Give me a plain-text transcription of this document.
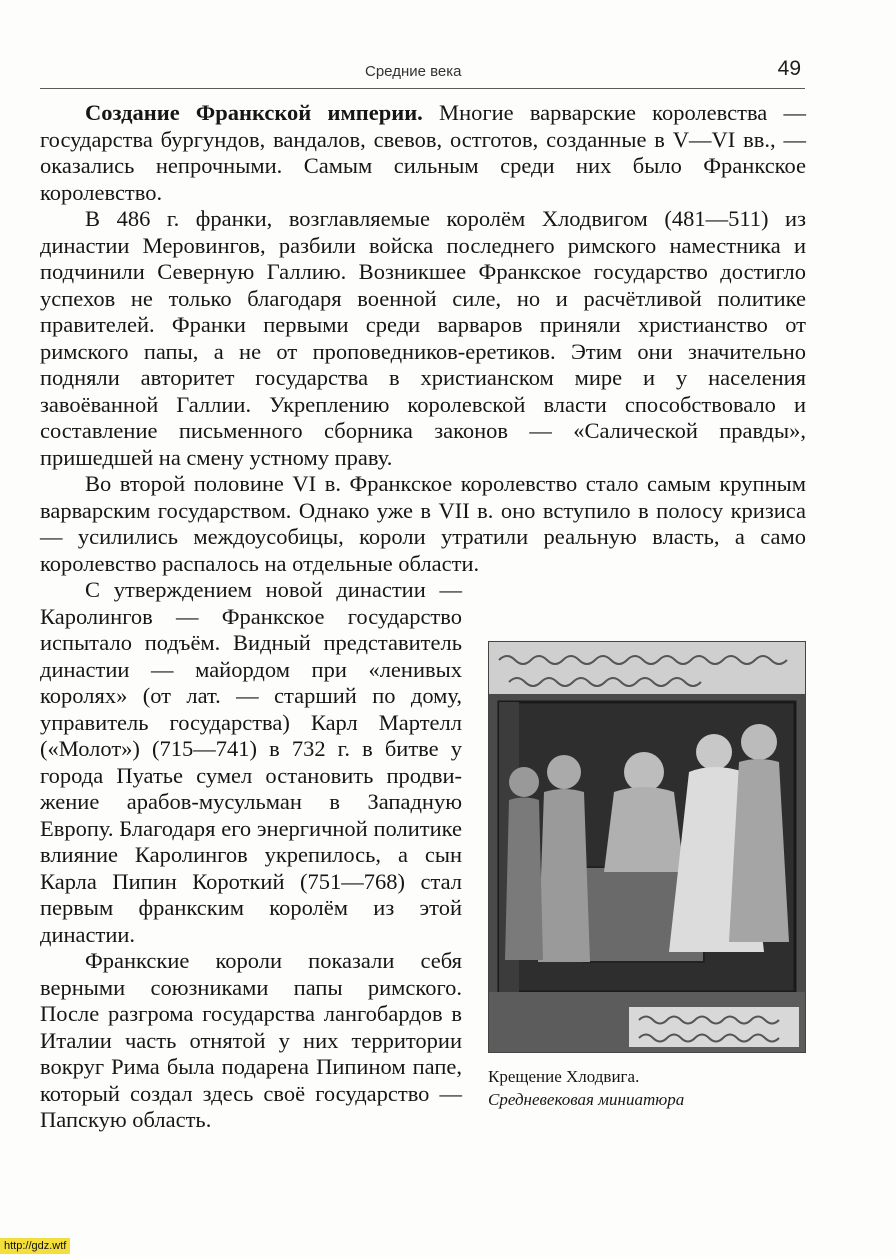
Средние века	49

Создание Франкской империи. Многие варварские королевства — государства бургундов, вандалов, свевов, остготов, созданные в V—VI вв., — оказались непрочными. Самым сильным среди них было Франкское королевство.

В 486 г. франки, возглавляемые королём Хлодвигом (481—511) из династии Меровингов, разбили войска последнего римского наместника и подчинили Северную Галлию. Возникшее Франкское государство достигло успехов не только благодаря военной силе, но и расчётливой политике правителей. Франки первыми среди варваров приняли христианство от римского папы, а не от проповедников-еретиков. Этим они значительно подняли авторитет государства в христианском мире и у населения завоёванной Галлии. Укреплению королевской власти способствовало и составление письменного сборника законов — «Салической правды», пришедшей на смену устному праву.

Во второй половине VI в. Франкское королевство стало самым крупным варварским государством. Однако уже в VII в. оно вступило в полосу кризиса — усилились междоусобицы, короли утратили реальную власть, а само королевство распалось на отдельные области.

Крещение Хлодвига.
Средневековая миниатюра

С утверждением новой династии — Каролингов — Франкское государство испытало подъём. Видный представитель династии — майордом при «ленивых королях» (от лат. — старший по дому, управитель государства) Карл Мартелл («Молот») (715—741) в 732 г. в битве у города Пуатье сумел остановить продвижение арабов-мусульман в Западную Европу. Благодаря его энергичной политике влияние Каролингов укрепилось, а сын Карла Пипин Короткий (751—768) стал первым франкским королём из этой династии.

Франкские короли показали себя верными союзниками папы римского. После разгрома государства лангобардов в Италии часть отнятой у них территории вокруг Рима была подарена Пипином папе, который создал здесь своё государство — Папскую область.

http://gdz.wtf
